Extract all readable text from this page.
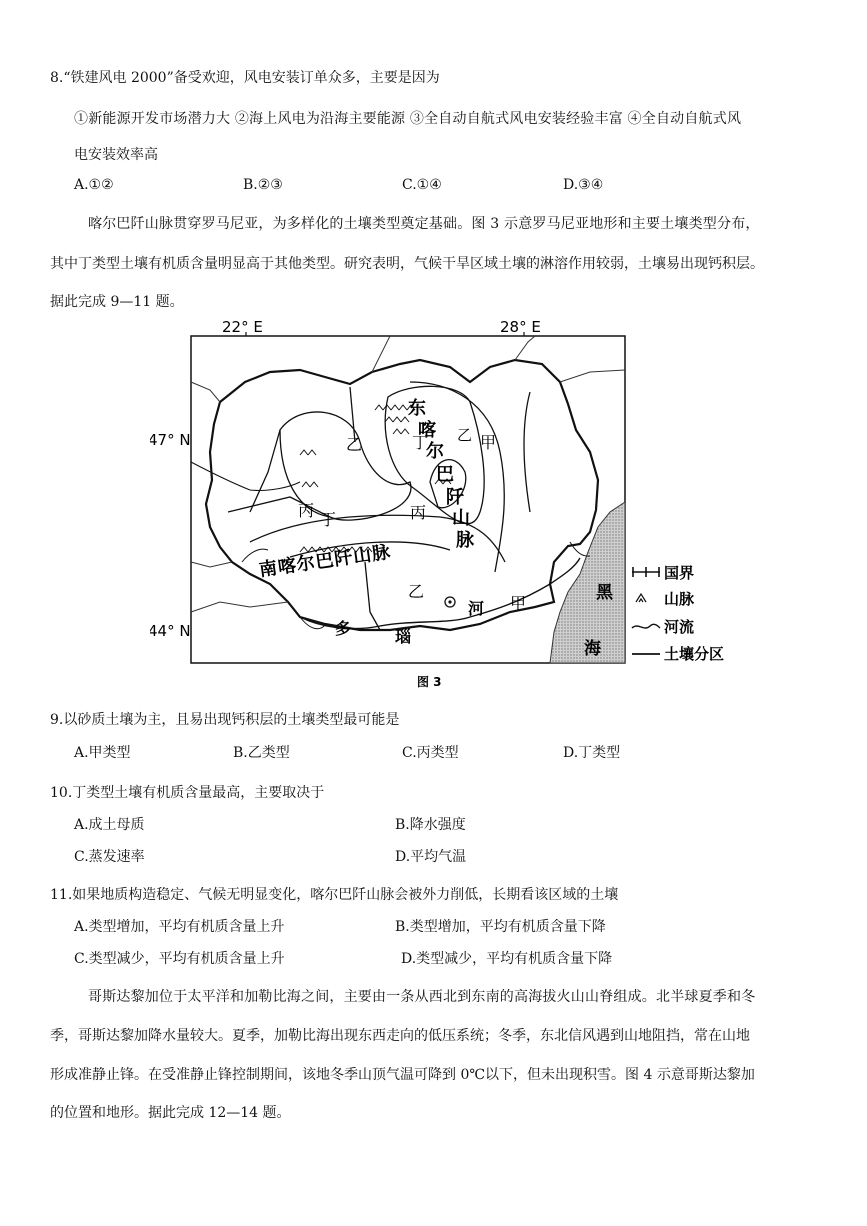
8.“铁建风电 2000”备受欢迎，风电安装订单众多，主要是因为
①新能源开发市场潜力大 ②海上风电为沿海主要能源 ③全自动自航式风电安装经验丰富 ④全自动自航式风
电安装效率高
A.①②	B.②③	C.①④	D.③④
喀尔巴阡山脉贯穿罗马尼亚，为多样化的土壤类型奠定基础。图 3 示意罗马尼亚地形和主要土壤类型分布，
其中丁类型土壤有机质含量明显高于其他类型。研究表明，气候干旱区域土壤的淋溶作用较弱，土壤易出现钙积层。
据此完成 9—11 题。
22° E	28° E
47° N
44° N
甲
甲
乙	乙
乙
丙	丙
丁
丁
东
喀
尔
巴
阡
山
脉
南喀尔巴阡山脉
多	瑙
河
黑
海
国界
山脉
河流
土壤分区
图 3
9.以砂质土壤为主，且易出现钙积层的土壤类型最可能是
A.甲类型	B.乙类型	C.丙类型	D.丁类型
10.丁类型土壤有机质含量最高，主要取决于
A.成土母质	B.降水强度
C.蒸发速率	D.平均气温
11.如果地质构造稳定、气候无明显变化，喀尔巴阡山脉会被外力削低，长期看该区域的土壤
A.类型增加，平均有机质含量上升	B.类型增加，平均有机质含量下降
C.类型减少，平均有机质含量上升	D.类型减少，平均有机质含量下降
哥斯达黎加位于太平洋和加勒比海之间，主要由一条从西北到东南的高海拔火山山脊组成。北半球夏季和冬
季，哥斯达黎加降水量较大。夏季，加勒比海出现东西走向的低压系统；冬季，东北信风遇到山地阻挡，常在山地
形成准静止锋。在受准静止锋控制期间，该地冬季山顶气温可降到 0℃以下，但未出现积雪。图 4 示意哥斯达黎加
的位置和地形。据此完成 12—14 题。
